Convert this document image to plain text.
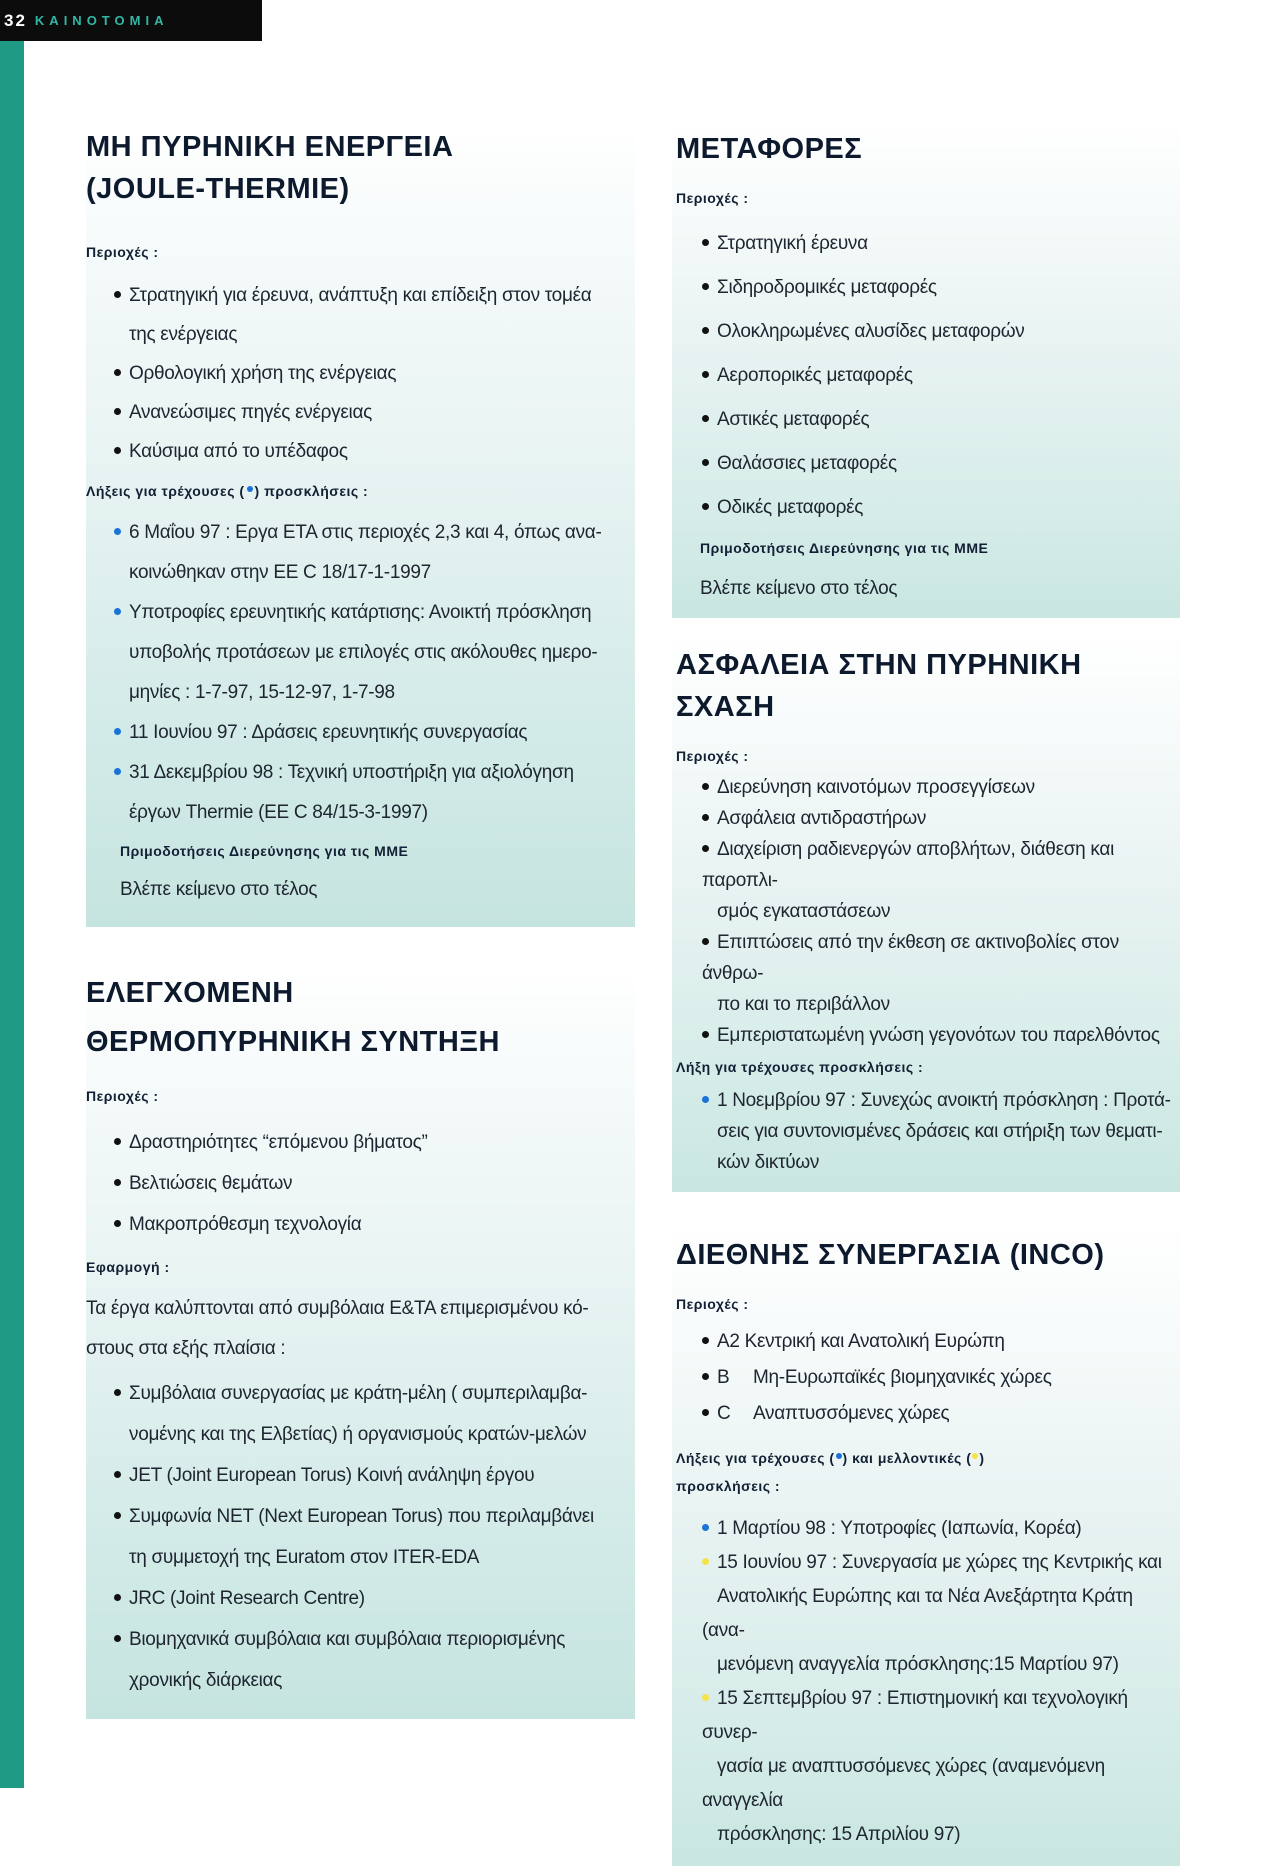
32 ΚΑΙΝΟΤΟΜΙΑ
ΜΗ ΠΥΡΗΝΙΚΗ ΕΝΕΡΓΕΙΑ
(JOULE-THERMIE)
Περιοχές :
Στρατηγική για έρευνα, ανάπτυξη και επίδειξη στον τομέα
της ενέργειας
Ορθολογική χρήση της ενέργειας
Ανανεώσιμες πηγές ενέργειας
Καύσιμα από το υπέδαφος
Λήξεις για τρέχουσες ( ) προσκλήσεις :
6 Μαΐου 97 : Εργα ΕΤΑ στις περιοχές 2,3 και 4, όπως ανα-
κοινώθηκαν στην ΕΕ C 18/17-1-1997
Υποτροφίες ερευνητικής κατάρτισης: Ανοικτή πρόσκληση
υποβολής προτάσεων με επιλογές στις ακόλουθες ημερο-
μηνίες : 1-7-97, 15-12-97, 1-7-98
11 Ιουνίου 97 : Δράσεις ερευνητικής συνεργασίας
31 Δεκεμβρίου 98 : Τεχνική υποστήριξη για αξιολόγηση
έργων Thermie (ΕΕ C 84/15-3-1997)
Πριμοδοτήσεις Διερεύνησης για τις ΜΜΕ
Βλέπε κείμενο στο τέλος
ΕΛΕΓΧΟΜΕΝΗ
ΘΕΡΜΟΠΥΡΗΝΙΚΗ ΣΥΝΤΗΞΗ
Περιοχές :
Δραστηριότητες “επόμενου βήματος”
Βελτιώσεις θεμάτων
Μακροπρόθεσμη τεχνολογία
Εφαρμογή :
Τα έργα καλύπτονται από συμβόλαια Ε&ΤΑ επιμερισμένου κό-
στους στα εξής πλαίσια :
Συμβόλαια συνεργασίας με κράτη-μέλη ( συμπεριλαμβα-
νομένης και της Ελβετίας) ή οργανισμούς κρατών-μελών
JET (Joint European Torus) Κοινή ανάληψη έργου
Συμφωνία NET (Next European Torus) που περιλαμβάνει
τη συμμετοχή της Euratom στον ITER-EDA
JRC (Joint Research Centre)
Βιομηχανικά συμβόλαια και συμβόλαια περιορισμένης
χρονικής διάρκειας
ΜΕΤΑΦΟΡΕΣ
Περιοχές :
Στρατηγική έρευνα
Σιδηροδρομικές μεταφορές
Ολοκληρωμένες αλυσίδες μεταφορών
Αεροπορικές μεταφορές
Αστικές μεταφορές
Θαλάσσιες μεταφορές
Οδικές μεταφορές
Πριμοδοτήσεις Διερεύνησης για τις ΜΜΕ
Βλέπε κείμενο στο τέλος
ΑΣΦΑΛΕΙΑ ΣΤΗΝ ΠΥΡΗΝΙΚΗ
ΣΧΑΣΗ
Περιοχές :
Διερεύνηση καινοτόμων προσεγγίσεων
Ασφάλεια αντιδραστήρων
Διαχείριση ραδιενεργών αποβλήτων, διάθεση και παροπλι-
σμός εγκαταστάσεων
Επιπτώσεις από την έκθεση σε ακτινοβολίες στον άνθρω-
πο και το περιβάλλον
Εμπεριστατωμένη γνώση γεγονότων του παρελθόντος
Λήξη για τρέχουσες προσκλήσεις :
1 Νοεμβρίου 97 : Συνεχώς ανοικτή πρόσκληση : Προτά-
σεις για συντονισμένες δράσεις και στήριξη των θεματι-
κών δικτύων
ΔΙΕΘΝΗΣ ΣΥΝΕΡΓΑΣΙΑ (INCO)
Περιοχές :
Α2 Κεντρική και Ανατολική Ευρώπη
Β Μη-Ευρωπαϊκές βιομηχανικές χώρες
C Αναπτυσσόμενες χώρες
Λήξεις για τρέχουσες ( ) και μελλοντικές ( )
προσκλήσεις :
1 Μαρτίου 98 : Υποτροφίες (Ιαπωνία, Κορέα)
15 Ιουνίου 97 : Συνεργασία με χώρες της Κεντρικής και
Ανατολικής Ευρώπης και τα Νέα Ανεξάρτητα Κράτη (ανα-
μενόμενη αναγγελία πρόσκλησης:15 Μαρτίου 97)
15 Σεπτεμβρίου 97 : Επιστημονική και τεχνολογική συνερ-
γασία με αναπτυσσόμενες χώρες (αναμενόμενη αναγγελία
πρόσκλησης: 15 Απριλίου 97)
